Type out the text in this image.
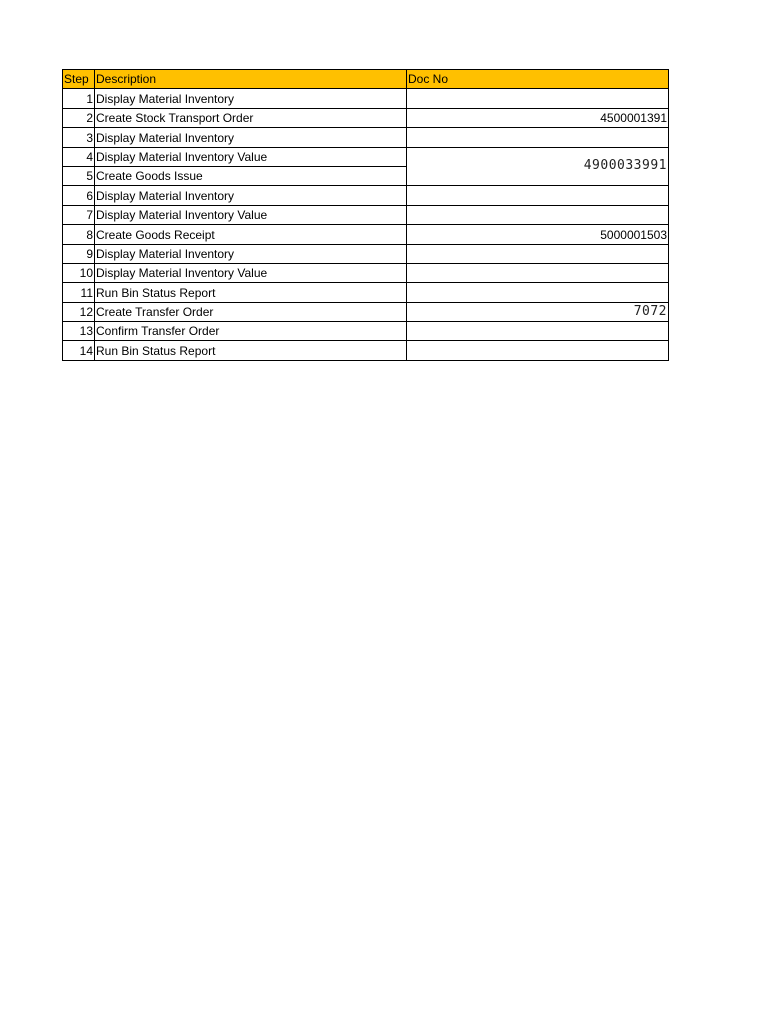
Step	Description	Doc No
1	Display Material Inventory	
2	Create Stock Transport Order	4500001391
3	Display Material Inventory	
4	Display Material Inventory Value	4900033991
5	Create Goods Issue	
6	Display Material Inventory	
7	Display Material Inventory Value	
8	Create Goods Receipt	5000001503
9	Display Material Inventory	
10	Display Material Inventory Value	
11	Run Bin Status Report	
12	Create Transfer Order	7072
13	Confirm Transfer Order	
14	Run Bin Status Report	
